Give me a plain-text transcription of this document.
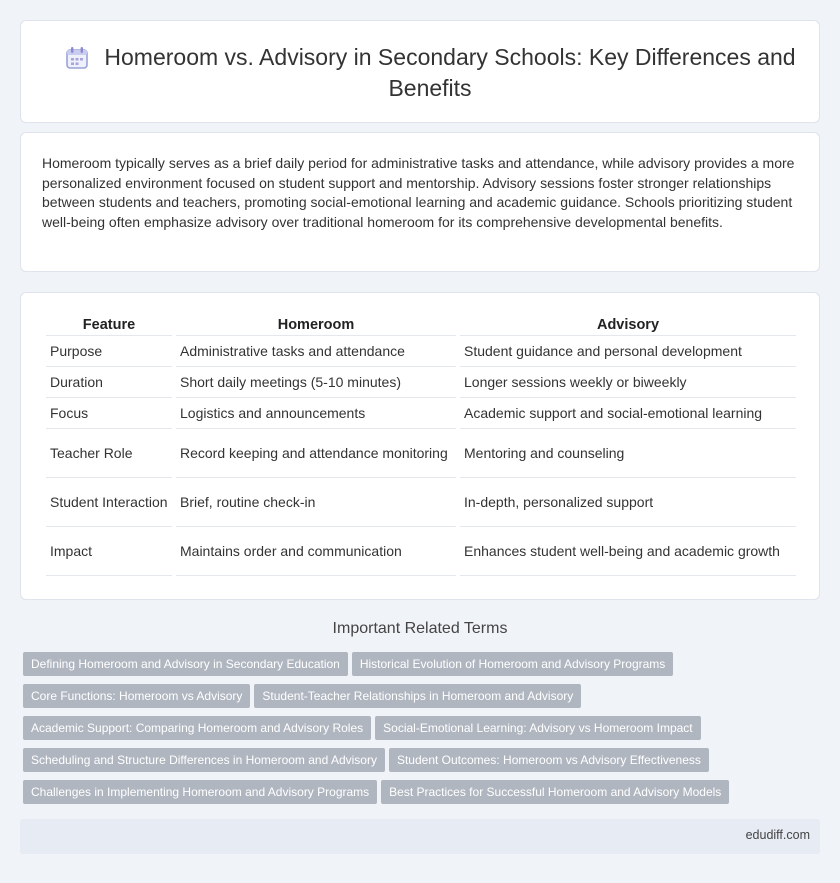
Homeroom vs. Advisory in Secondary Schools: Key Differences and Benefits

Homeroom typically serves as a brief daily period for administrative tasks and attendance, while advisory provides a more personalized environment focused on student support and mentorship. Advisory sessions foster stronger relationships between students and teachers, promoting social-emotional learning and academic guidance. Schools prioritizing student well-being often emphasize advisory over traditional homeroom for its comprehensive developmental benefits.

Feature	Homeroom	Advisory
Purpose	Administrative tasks and attendance	Student guidance and personal development
Duration	Short daily meetings (5-10 minutes)	Longer sessions weekly or biweekly
Focus	Logistics and announcements	Academic support and social-emotional learning
Teacher Role	Record keeping and attendance monitoring	Mentoring and counseling
Student Interaction	Brief, routine check-in	In-depth, personalized support
Impact	Maintains order and communication	Enhances student well-being and academic growth
Important Related Terms
Defining Homeroom and Advisory in Secondary Education Historical Evolution of Homeroom and Advisory Programs
Core Functions: Homeroom vs Advisory Student-Teacher Relationships in Homeroom and Advisory
Academic Support: Comparing Homeroom and Advisory Roles Social-Emotional Learning: Advisory vs Homeroom Impact
Scheduling and Structure Differences in Homeroom and Advisory Student Outcomes: Homeroom vs Advisory Effectiveness
Challenges in Implementing Homeroom and Advisory Programs Best Practices for Successful Homeroom and Advisory Models
edudiff.com
